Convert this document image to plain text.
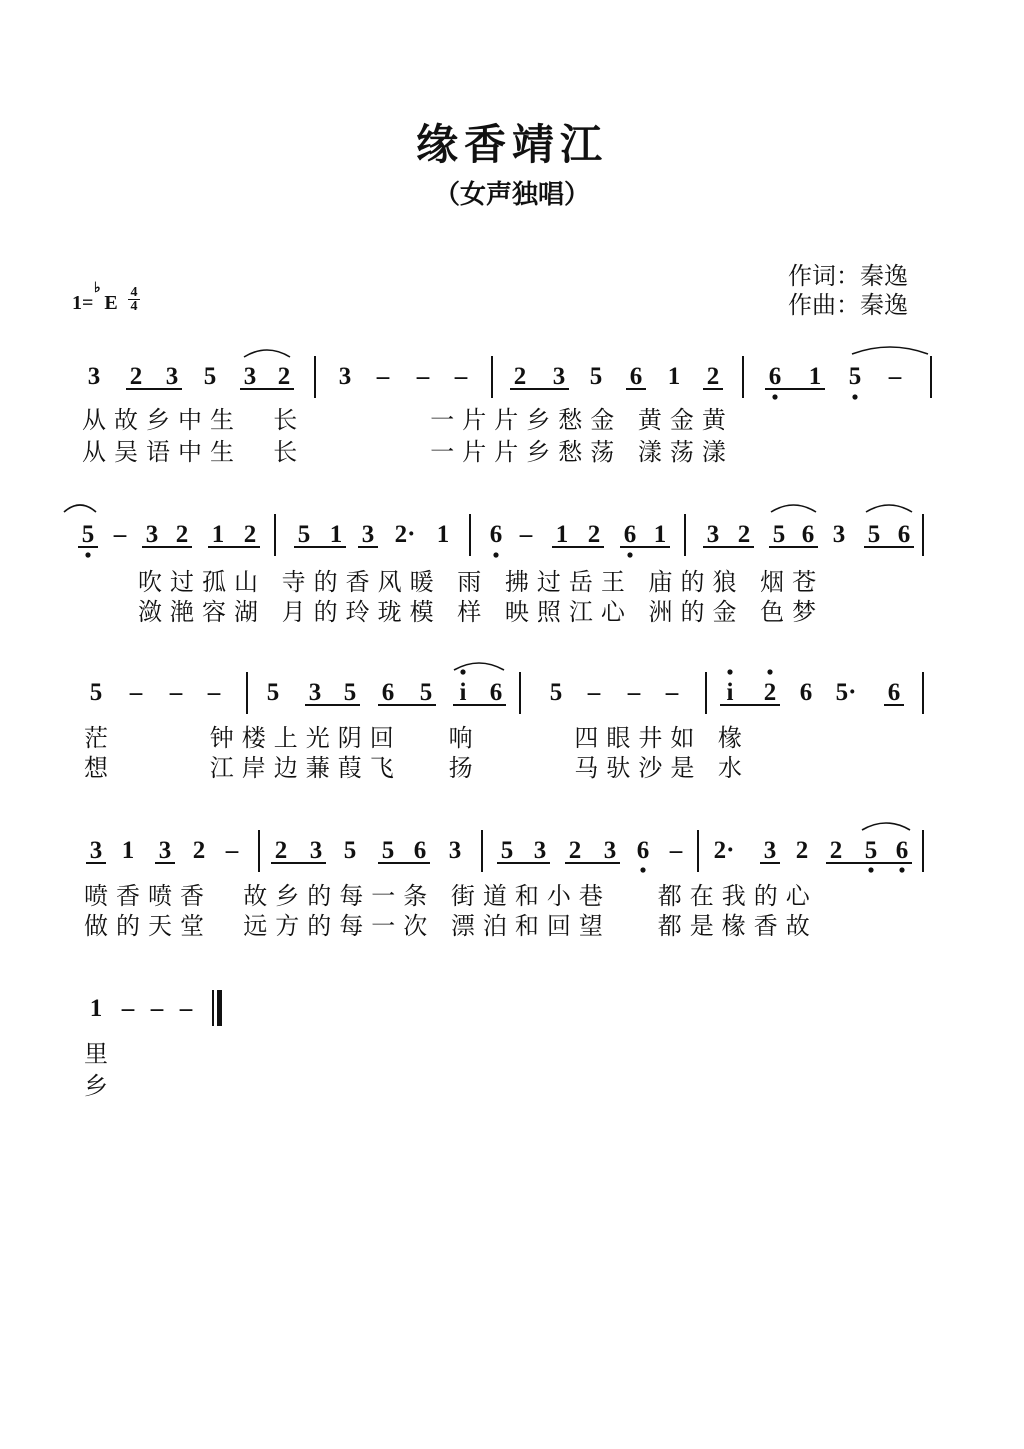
缘香靖江
（女声独唱）
作词：秦逸
作曲：秦逸
1=
♭
E 4
4
3 2 3 5 3 2 3 – – – 2 3 5 6 1 2 6 1 5 –
从故乡中生  长        一片片乡愁金 黄金黄
从吴语中生  长        一片片乡愁荡 漾荡漾
5 – 3 2 1 2 5 1 3 2· 1 6 – 1 2 6 1 3 2 5 6 3 5 6
吹过孤山 寺的香风暖 雨 拂过岳王 庙的狼 烟苍
潋滟容湖 月的玲珑模 样 映照江心 洲的金 色梦
5 – – – 5 3 5 6 5	i 6 5 – – –	i	2 6 5· 6
茫      钟楼上光阴回   响      四眼井如 椽
想      江岸边蒹葭飞   扬      马驮沙是 水
3 1 3 2 – 2 3 5 5 6 3 5 3 2 3 6 – 2· 3 2 2 5 6
喷香喷香  故乡的每一条 街道和小巷   都在我的心
做的天堂  远方的每一次 漂泊和回望   都是椽香故
1 – – –
里
乡
